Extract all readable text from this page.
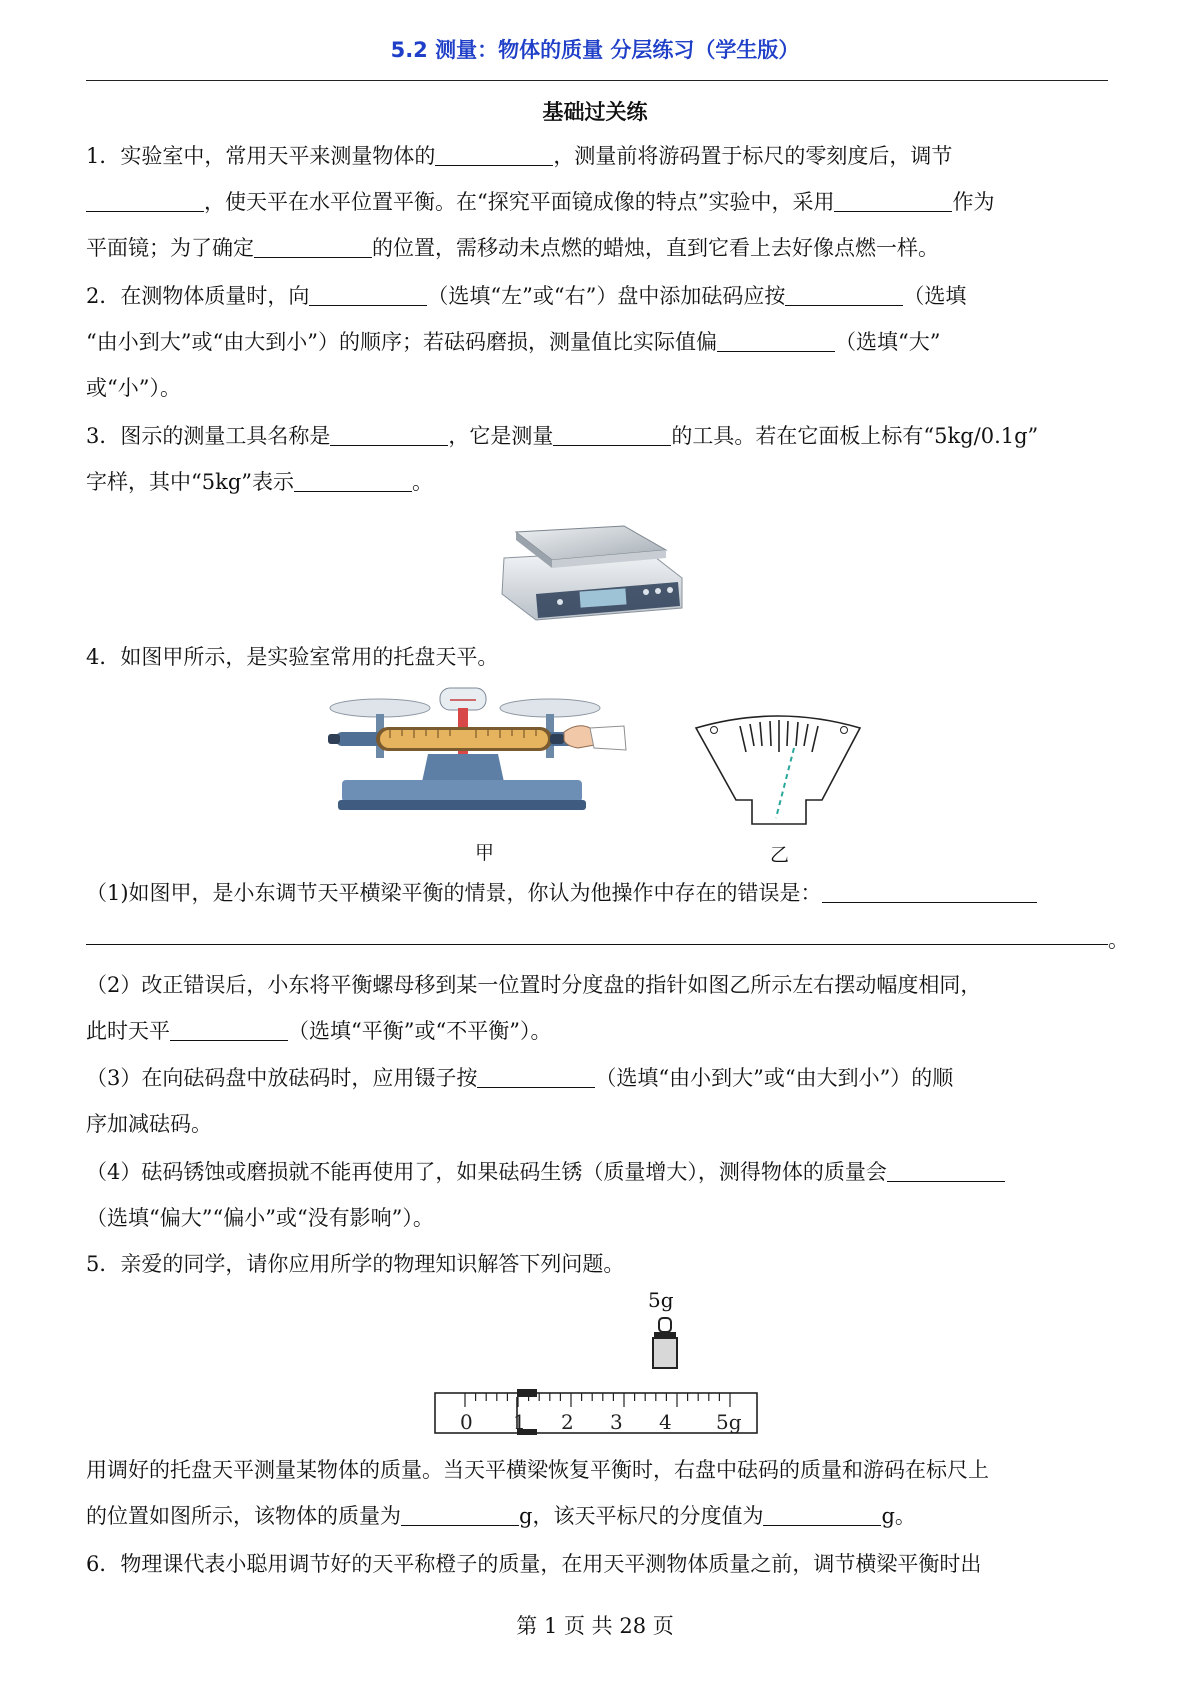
5.2 测量：物体的质量 分层练习（学生版）
基础过关练
1．实验室中，常用天平来测量物体的	，测量前将游码置于标尺的零刻度后，调节
，使天平在水平位置平衡。在“探究平面镜成像的特点”实验中，采用	作为
平面镜；为了确定	的位置，需移动未点燃的蜡烛，直到它看上去好像点燃一样。
2．在测物体质量时，向	（选填“左”或“右”）盘中添加砝码应按	（选填
“由小到大”或“由大到小”）的顺序；若砝码磨损，测量值比实际值偏	（选填“大”
或“小”）。
3．图示的测量工具名称是	，它是测量	的工具。若在它面板上标有“5kg/0.1g”
字样，其中“5kg”表示	。
4．如图甲所示，是实验室常用的托盘天平。
甲	乙
（1)如图甲，是小东调节天平横梁平衡的情景，你认为他操作中存在的错误是：
。
（2）改正错误后，小东将平衡螺母移到某一位置时分度盘的指针如图乙所示左右摆动幅度相同，
此时天平	（选填“平衡”或“不平衡”）。
（3）在向砝码盘中放砝码时，应用镊子按	（选填“由小到大”或“由大到小”）的顺
序加减砝码。
（4）砝码锈蚀或磨损就不能再使用了，如果砝码生锈（质量增大），测得物体的质量会
（选填“偏大”“偏小”或“没有影响”）。
5．亲爱的同学，请你应用所学的物理知识解答下列问题。
5g
0 1 2 3 4 5g
用调好的托盘天平测量某物体的质量。当天平横梁恢复平衡时，右盘中砝码的质量和游码在标尺上
的位置如图所示，该物体的质量为	g，该天平标尺的分度值为	g。
6．物理课代表小聪用调节好的天平称橙子的质量，在用天平测物体质量之前，调节横梁平衡时出
第 1 页 共 28 页
